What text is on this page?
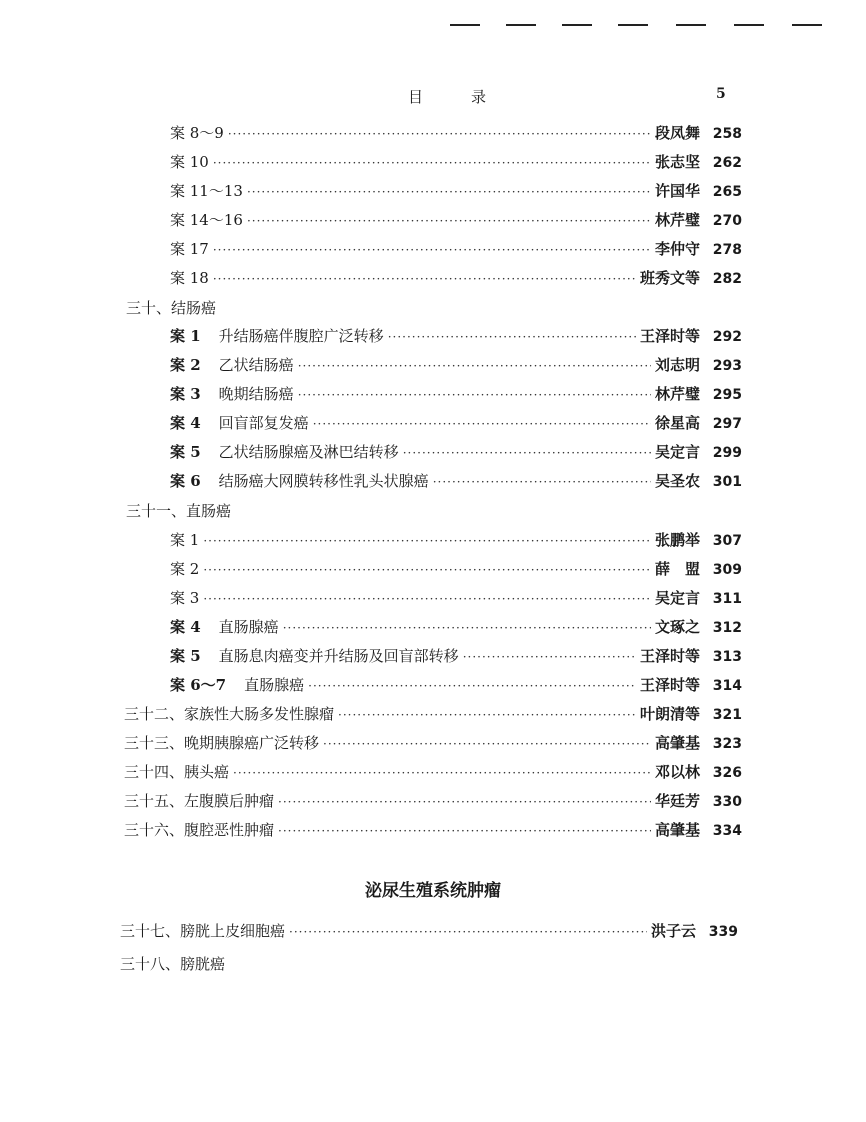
目录	5
案 8～9 ·····	段凤舞 258
案 10 ·····	张志坚 262
案 11～13 ·····	许国华 265
案 14～16 ·····	林芹璧 270
案 17 ·····	李仲守 278
案 18 ·····	班秀文等 282
三十、结肠癌
案 1 升结肠癌伴腹腔广泛转移 ·····	王泽时等 292
案 2 乙状结肠癌 ·····	刘志明 293
案 3 晚期结肠癌 ·····	林芹璧 295
案 4 回盲部复发癌 ·····	徐星高 297
案 5 乙状结肠腺癌及淋巴结转移 ·····	吴定言 299
案 6 结肠癌大网膜转移性乳头状腺癌 ·····	吴圣农 301
三十一、直肠癌
案 1 ·····	张鹏举 307
案 2 ·····	薛　盟 309
案 3 ·····	吴定言 311
案 4 直肠腺癌 ·····	文琢之 312
案 5 直肠息肉癌变并升结肠及回盲部转移 ·····	王泽时等 313
案 6～7 直肠腺癌 ·····	王泽时等 314
三十二、家族性大肠多发性腺瘤 ·····	叶朗清等 321
三十三、晚期胰腺癌广泛转移 ·····	高肇基 323
三十四、胰头癌 ·····	邓以林 326
三十五、左腹膜后肿瘤 ·····	华廷芳 330
三十六、腹腔恶性肿瘤 ·····	高肇基 334
泌尿生殖系统肿瘤
三十七、膀胱上皮细胞癌 ·····	洪子云 339
三十八、膀胱癌
